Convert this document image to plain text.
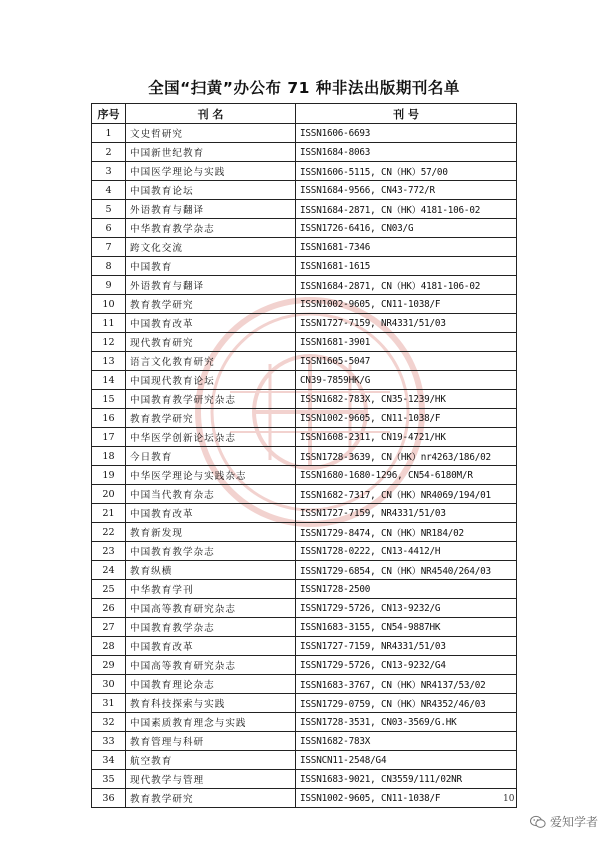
全国“扫黄”办公布 71 种非法出版期刊名单
序号	刊 名	刊 号
1	文史哲研究	ISSN1606-6693
2	中国新世纪教育	ISSN1684-8063
3	中国医学理论与实践	ISSN1606-5115, CN（HK）57/00
4	中国教育论坛	ISSN1684-9566, CN43-772/R
5	外语教育与翻译	ISSN1684-2871, CN（HK）4181-106-02
6	中华教育教学杂志	ISSN1726-6416, CN03/G
7	跨文化交流	ISSN1681-7346
8	中国教育	ISSN1681-1615
9	外语教育与翻译	ISSN1684-2871, CN（HK）4181-106-02
10	教育教学研究	ISSN1002-9605, CN11-1038/F
11	中国教育改革	ISSN1727-7159, NR4331/51/03
12	现代教育研究	ISSN1681-3901
13	语言文化教育研究	ISSN1605-5047
14	中国现代教育论坛	CN39-7859HK/G
15	中国教育教学研究杂志	ISSN1682-783X, CN35-1239/HK
16	教育教学研究	ISSN1002-9605, CN11-1038/F
17	中华医学创新论坛杂志	ISSN1608-2311, CN19-4721/HK
18	今日教育	ISSN1728-3639, CN（HK）nr4263/186/02
19	中华医学理论与实践杂志	ISSN1680-1680-1296, CN54-6180M/R
20	中国当代教育杂志	ISSN1682-7317, CN（HK）NR4069/194/01
21	中国教育改革	ISSN1727-7159, NR4331/51/03
22	教育新发现	ISSN1729-8474, CN（HK）NR184/02
23	中国教育教学杂志	ISSN1728-0222, CN13-4412/H
24	教育纵横	ISSN1729-6854, CN（HK）NR4540/264/03
25	中华教育学刊	ISSN1728-2500
26	中国高等教育研究杂志	ISSN1729-5726, CN13-9232/G
27	中国教育教学杂志	ISSN1683-3155, CN54-9887HK
28	中国教育改革	ISSN1727-7159, NR4331/51/03
29	中国高等教育研究杂志	ISSN1729-5726, CN13-9232/G4
30	中国教育理论杂志	ISSN1683-3767, CN（HK）NR4137/53/02
31	教育科技探索与实践	ISSN1729-0759, CN（HK）NR4352/46/03
32	中国素质教育理念与实践	ISSN1728-3531, CN03-3569/G.HK
33	教育管理与科研	ISSN1682-783X
34	航空教育	ISSNCN11-2548/G4
35	现代教学与管理	ISSN1683-9021, CN3559/111/02NR
36	教育教学研究	ISSN1002-9605, CN11-1038/F	10
爱知学者
